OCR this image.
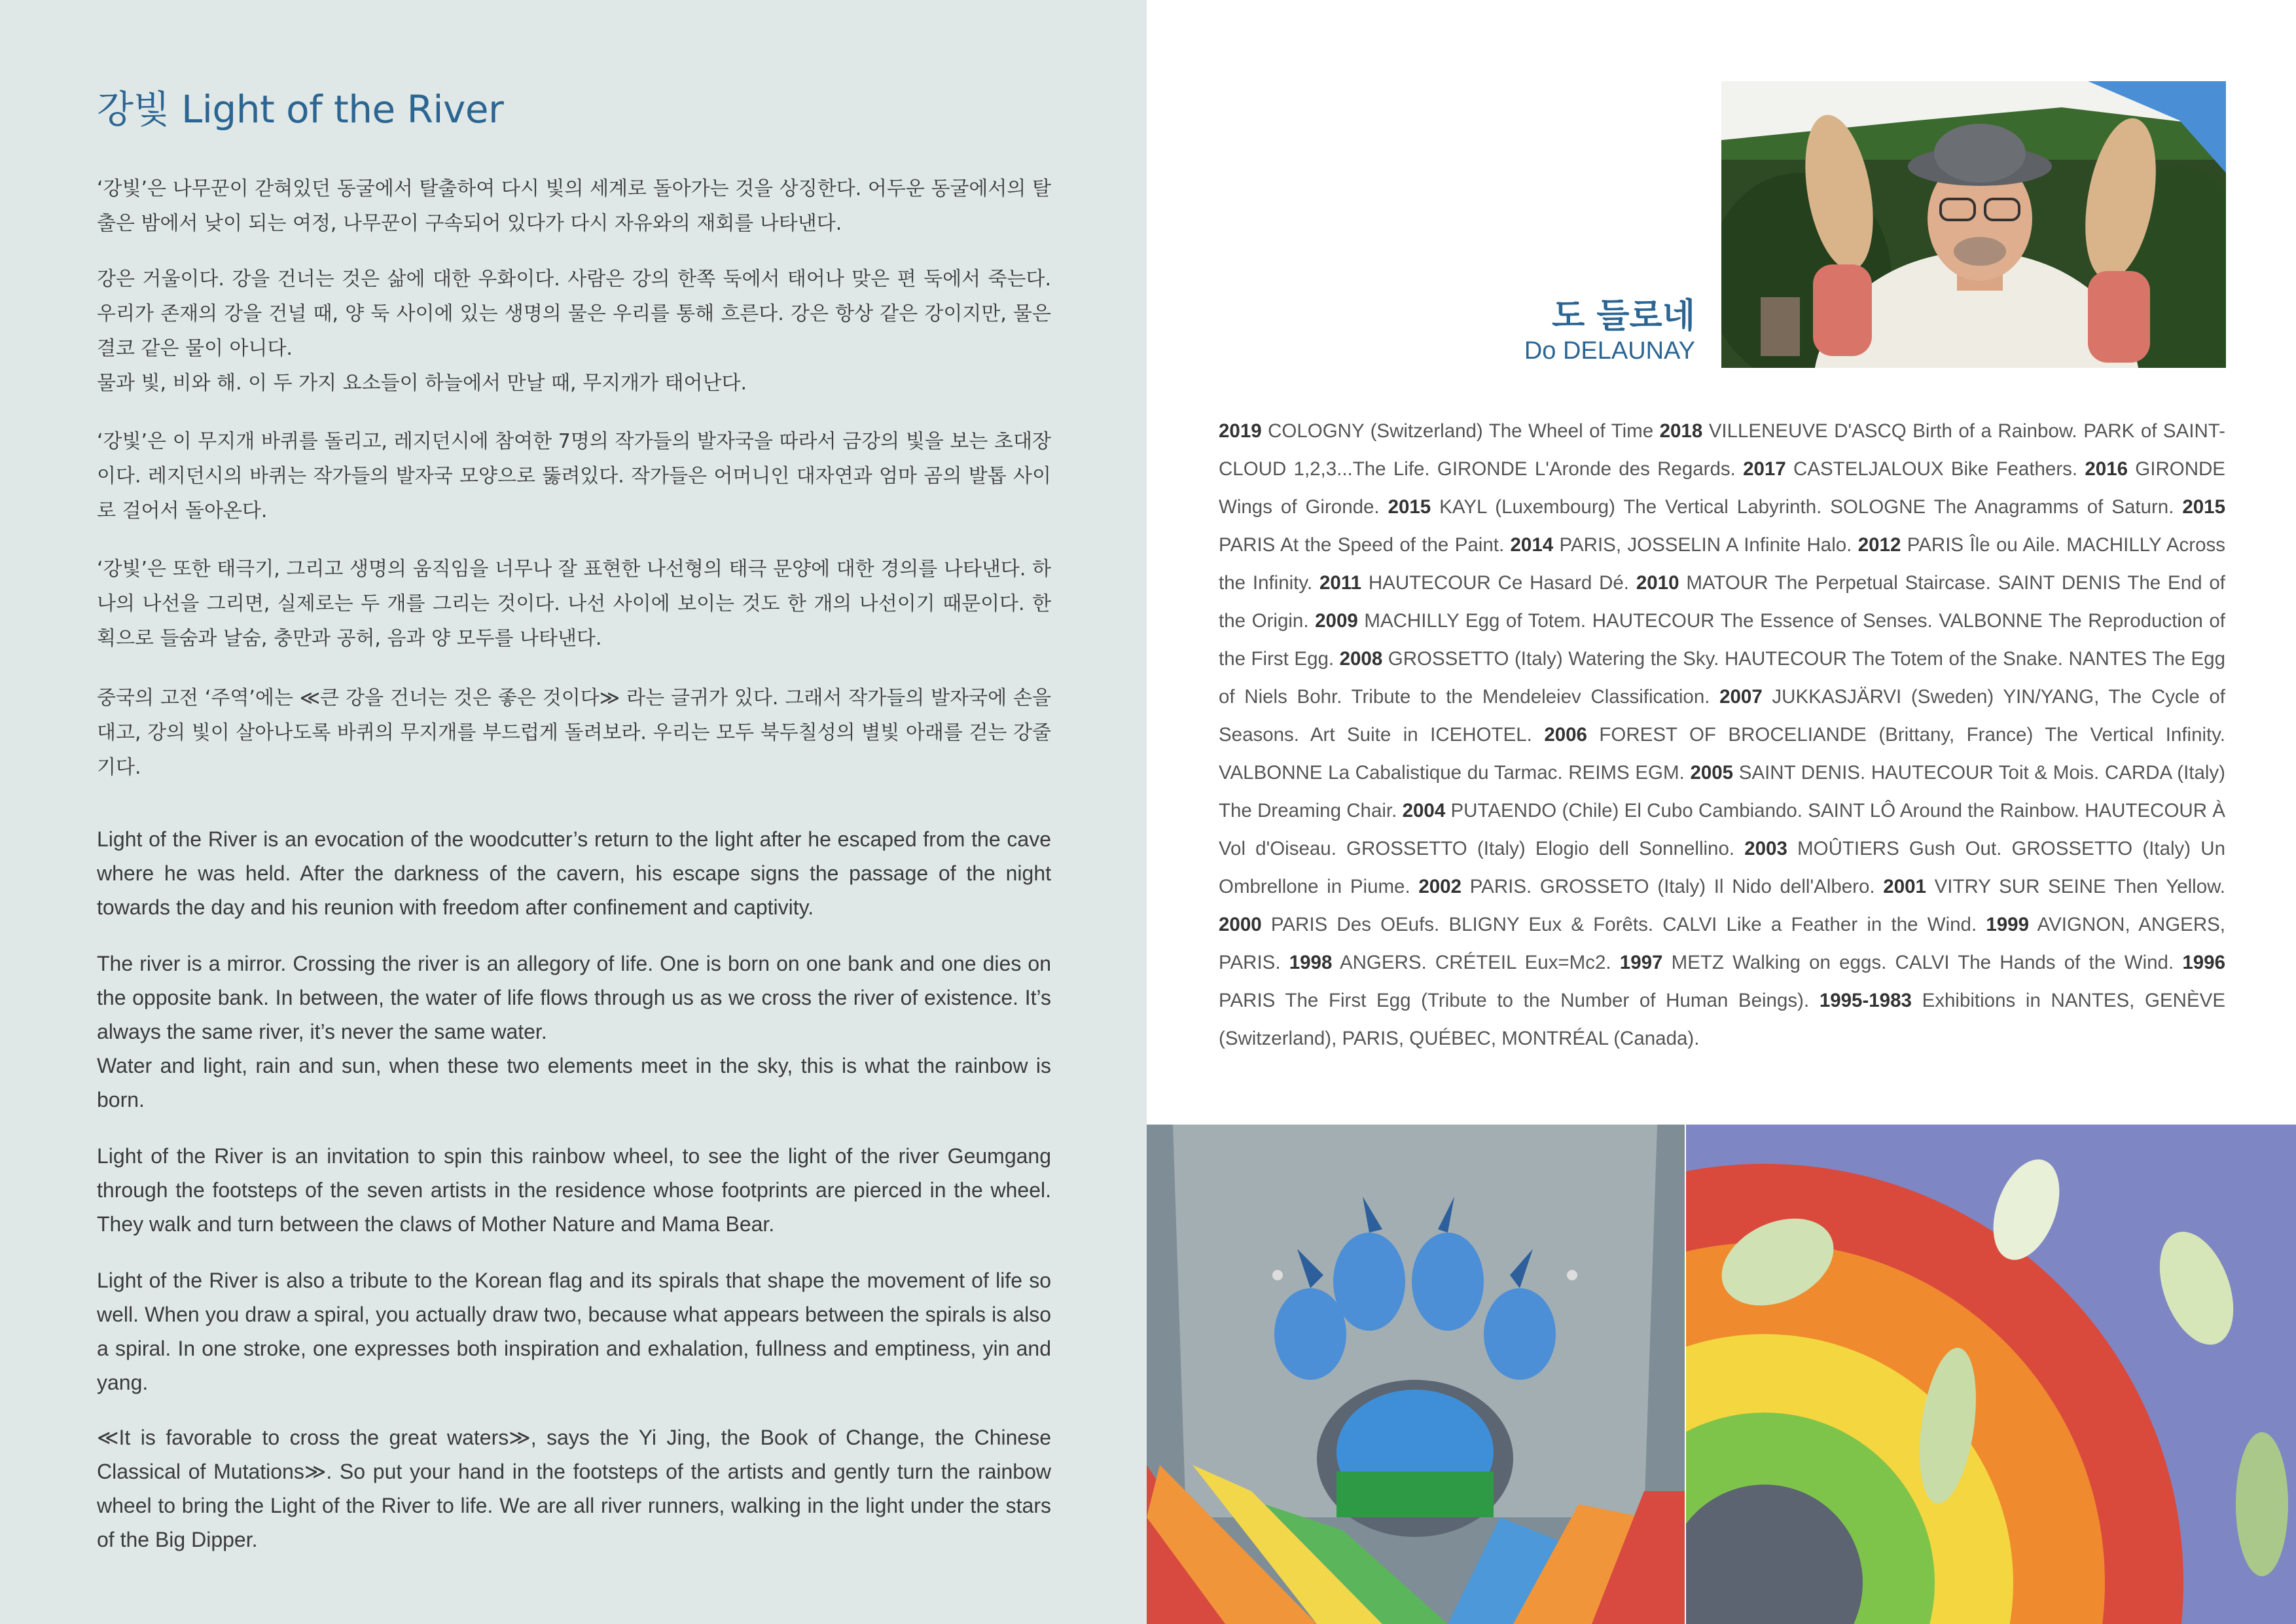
강빛 Light of the River

‘강빛’은 나무꾼이 갇혀있던 동굴에서 탈출하여 다시 빛의 세계로 돌아가는 것을 상징한다. 어두운 동굴에서의 탈출은 밤에서 낮이 되는 여정, 나무꾼이 구속되어 있다가 다시 자유와의 재회를 나타낸다.

강은 거울이다. 강을 건너는 것은 삶에 대한 우화이다. 사람은 강의 한쪽 둑에서 태어나 맞은 편 둑에서 죽는다. 우리가 존재의 강을 건널 때, 양 둑 사이에 있는 생명의 물은 우리를 통해 흐른다. 강은 항상 같은 강이지만, 물은 결코 같은 물이 아니다.

물과 빛, 비와 해. 이 두 가지 요소들이 하늘에서 만날 때, 무지개가 태어난다.

‘강빛’은 이 무지개 바퀴를 돌리고, 레지던시에 참여한 7명의 작가들의 발자국을 따라서 금강의 빛을 보는 초대장이다. 레지던시의 바퀴는 작가들의 발자국 모양으로 뚫려있다. 작가들은 어머니인 대자연과 엄마 곰의 발톱 사이로 걸어서 돌아온다.

‘강빛’은 또한 태극기, 그리고 생명의 움직임을 너무나 잘 표현한 나선형의 태극 문양에 대한 경의를 나타낸다. 하나의 나선을 그리면, 실제로는 두 개를 그리는 것이다. 나선 사이에 보이는 것도 한 개의 나선이기 때문이다. 한 획으로 들숨과 날숨, 충만과 공허, 음과 양 모두를 나타낸다.

중국의 고전 ‘주역’에는 ≪큰 강을 건너는 것은 좋은 것이다≫ 라는 글귀가 있다. 그래서 작가들의 발자국에 손을 대고, 강의 빛이 살아나도록 바퀴의 무지개를 부드럽게 돌려보라. 우리는 모두 북두칠성의 별빛 아래를 걷는 강줄기다.

Light of the River is an evocation of the woodcutter’s return to the light after he escaped from the cave where he was held. After the darkness of the cavern, his escape signs the passage of the night towards the day and his reunion with freedom after confinement and captivity.

The river is a mirror. Crossing the river is an allegory of life. One is born on one bank and one dies on the opposite bank. In between, the water of life flows through us as we cross the river of existence. It’s always the same river, it’s never the same water.

Water and light, rain and sun, when these two elements meet in the sky, this is what the rainbow is born.

Light of the River is an invitation to spin this rainbow wheel, to see the light of the river Geumgang through the footsteps of the seven artists in the residence whose footprints are pierced in the wheel. They walk and turn between the claws of Mother Nature and Mama Bear.

Light of the River is also a tribute to the Korean flag and its spirals that shape the movement of life so well. When you draw a spiral, you actually draw two, because what appears between the spirals is also a spiral. In one stroke, one expresses both inspiration and exhalation, fullness and emptiness, yin and yang.

≪It is favorable to cross the great waters≫, says the Yi Jing, the Book of Change, the Chinese Classical of Mutations≫. So put your hand in the footsteps of the artists and gently turn the rainbow wheel to bring the Light of the River to life. We are all river runners, walking in the light under the stars of the Big Dipper.

도 들로네

Do DELAUNAY

2019 COLOGNY (Switzerland) The Wheel of Time 2018 VILLENEUVE D'ASCQ Birth of a Rainbow. PARK of SAINT-CLOUD 1,2,3...The Life. GIRONDE L'Aronde des Regards. 2017 CASTELJALOUX Bike Feathers. 2016 GIRONDE Wings of Gironde. 2015 KAYL (Luxembourg) The Vertical Labyrinth. SOLOGNE The Anagramms of Saturn. 2015 PARIS At the Speed of the Paint. 2014 PARIS, JOSSELIN A Infinite Halo. 2012 PARIS Île ou Aile. MACHILLY Across the Infinity. 2011 HAUTECOUR Ce Hasard Dé. 2010 MATOUR The Perpetual Staircase. SAINT DENIS The End of the Origin. 2009 MACHILLY Egg of Totem. HAUTECOUR The Essence of Senses. VALBONNE The Reproduction of the First Egg. 2008 GROSSETTO (Italy) Watering the Sky. HAUTECOUR The Totem of the Snake. NANTES The Egg of Niels Bohr. Tribute to the Mendeleiev Classification. 2007 JUKKASJÄRVI (Sweden) YIN/YANG, The Cycle of Seasons. Art Suite in ICEHOTEL. 2006 FOREST OF BROCELIANDE (Brittany, France) The Vertical Infinity. VALBONNE La Cabalistique du Tarmac. REIMS EGM. 2005 SAINT DENIS. HAUTECOUR Toit & Mois. CARDA (Italy) The Dreaming Chair. 2004 PUTAENDO (Chile) El Cubo Cambiando. SAINT LÔ Around the Rainbow. HAUTECOUR À Vol d'Oiseau. GROSSETTO (Italy) Elogio dell Sonnellino. 2003 MOÛTIERS Gush Out. GROSSETTO (Italy) Un Ombrellone in Piume. 2002 PARIS. GROSSETO (Italy) Il Nido dell'Albero. 2001 VITRY SUR SEINE Then Yellow. 2000 PARIS Des OEufs. BLIGNY Eux & Forêts. CALVI Like a Feather in the Wind. 1999 AVIGNON, ANGERS, PARIS. 1998 ANGERS. CRÉTEIL Eux=Mc2. 1997 METZ Walking on eggs. CALVI The Hands of the Wind. 1996 PARIS The First Egg (Tribute to the Number of Human Beings). 1995-1983 Exhibitions in NANTES, GENÈVE (Switzerland), PARIS, QUÉBEC, MONTRÉAL (Canada).
